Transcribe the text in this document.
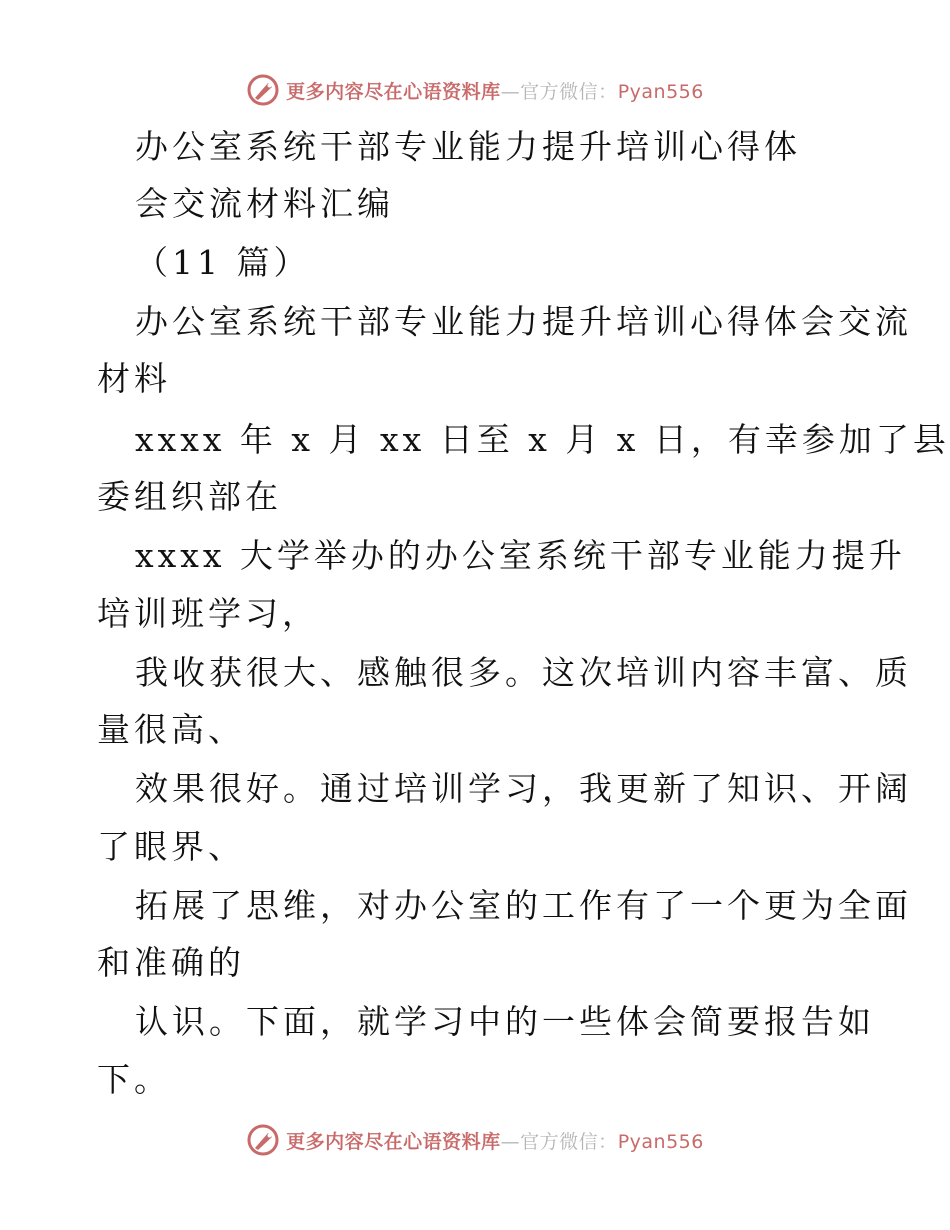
更多内容尽在心语资料库—官方微信：Pyan556
办公室系统干部专业能力提升培训心得体
会交流材料汇编
（11 篇）
办公室系统干部专业能力提升培训心得体会交流
材料
xxxx 年 x 月 xx 日至 x 月 x 日，有幸参加了县
委组织部在
xxxx 大学举办的办公室系统干部专业能力提升
培训班学习，
我收获很大、感触很多。这次培训内容丰富、质
量很高、
效果很好。通过培训学习，我更新了知识、开阔
了眼界、
拓展了思维，对办公室的工作有了一个更为全面
和准确的
认识。下面，就学习中的一些体会简要报告如
下。
更多内容尽在心语资料库—官方微信：Pyan556
